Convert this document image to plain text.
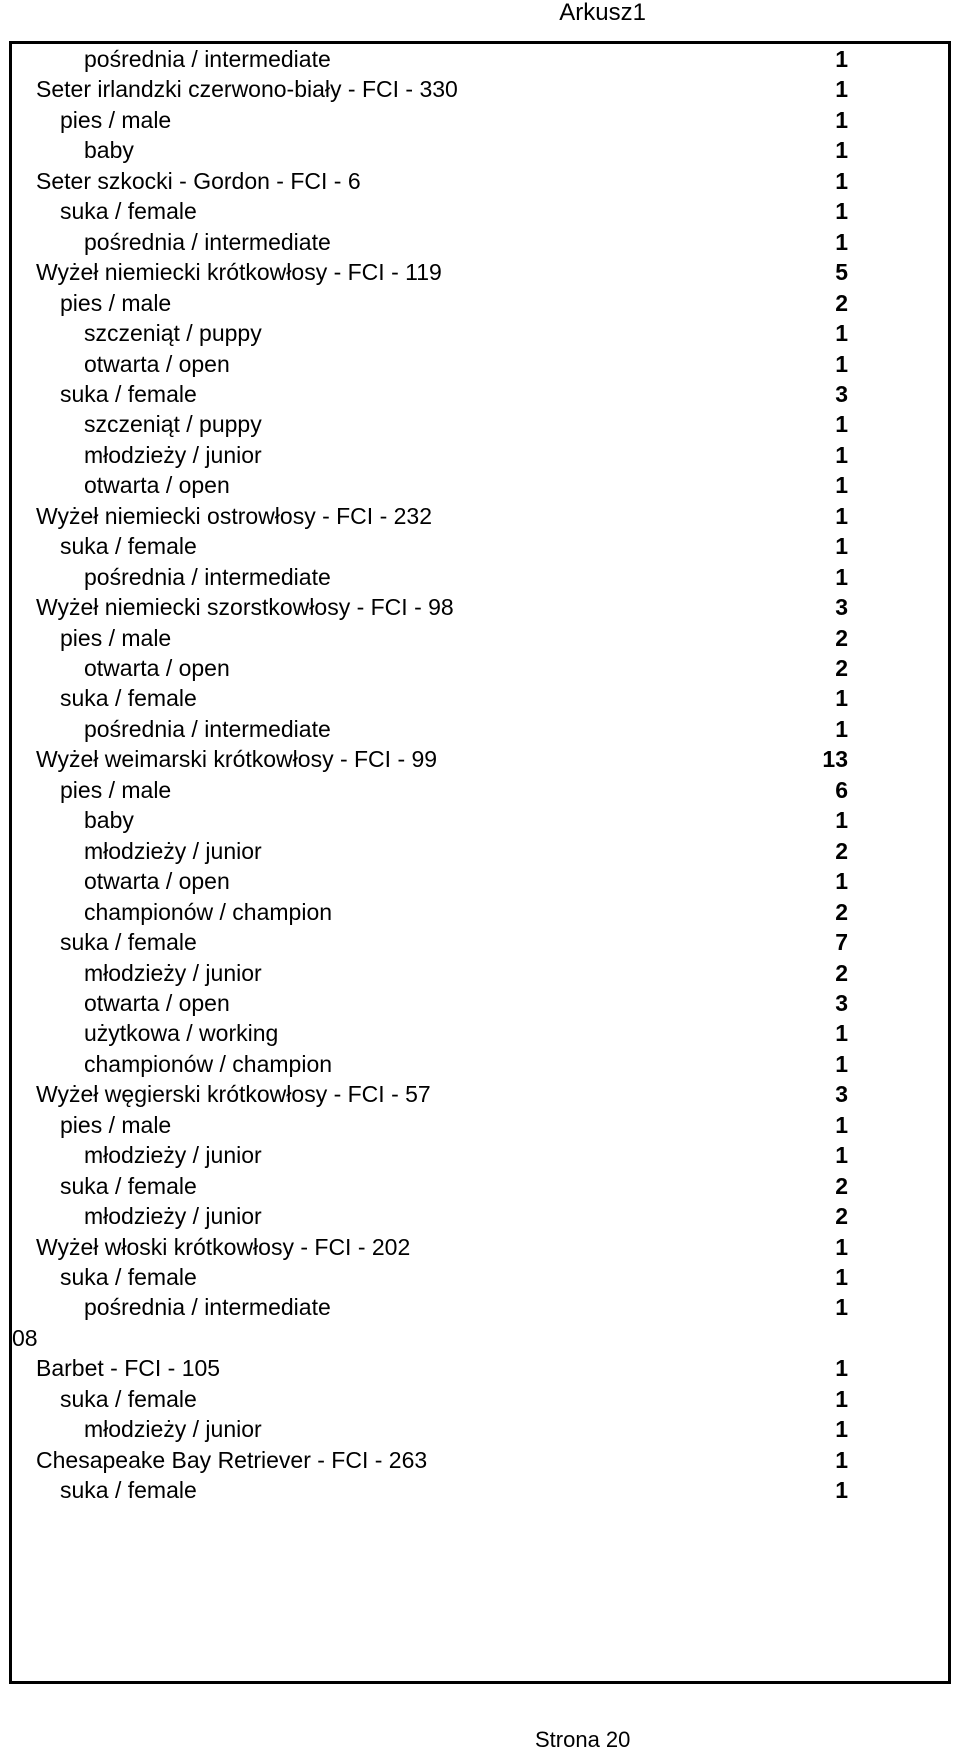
Arkusz1
pośrednia / intermediate	1
Seter irlandzki czerwono-biały - FCI - 330	1
pies / male	1
baby	1
Seter szkocki - Gordon - FCI - 6	1
suka / female	1
pośrednia / intermediate	1
Wyżeł niemiecki krótkowłosy - FCI - 119	5
pies / male	2
szczeniąt / puppy	1
otwarta / open	1
suka / female	3
szczeniąt / puppy	1
młodzieży / junior	1
otwarta / open	1
Wyżeł niemiecki ostrowłosy - FCI - 232	1
suka / female	1
pośrednia / intermediate	1
Wyżeł niemiecki szorstkowłosy - FCI - 98	3
pies / male	2
otwarta / open	2
suka / female	1
pośrednia / intermediate	1
Wyżeł weimarski krótkowłosy - FCI - 99	13
pies / male	6
baby	1
młodzieży / junior	2
otwarta / open	1
championów / champion	2
suka / female	7
młodzieży / junior	2
otwarta / open	3
użytkowa / working	1
championów / champion	1
Wyżeł węgierski krótkowłosy - FCI - 57	3
pies / male	1
młodzieży / junior	1
suka / female	2
młodzieży / junior	2
Wyżeł włoski krótkowłosy - FCI - 202	1
suka / female	1
pośrednia / intermediate	1
08
Barbet - FCI - 105	1
suka / female	1
młodzieży / junior	1
Chesapeake Bay Retriever - FCI - 263	1
suka / female	1
Strona 20
